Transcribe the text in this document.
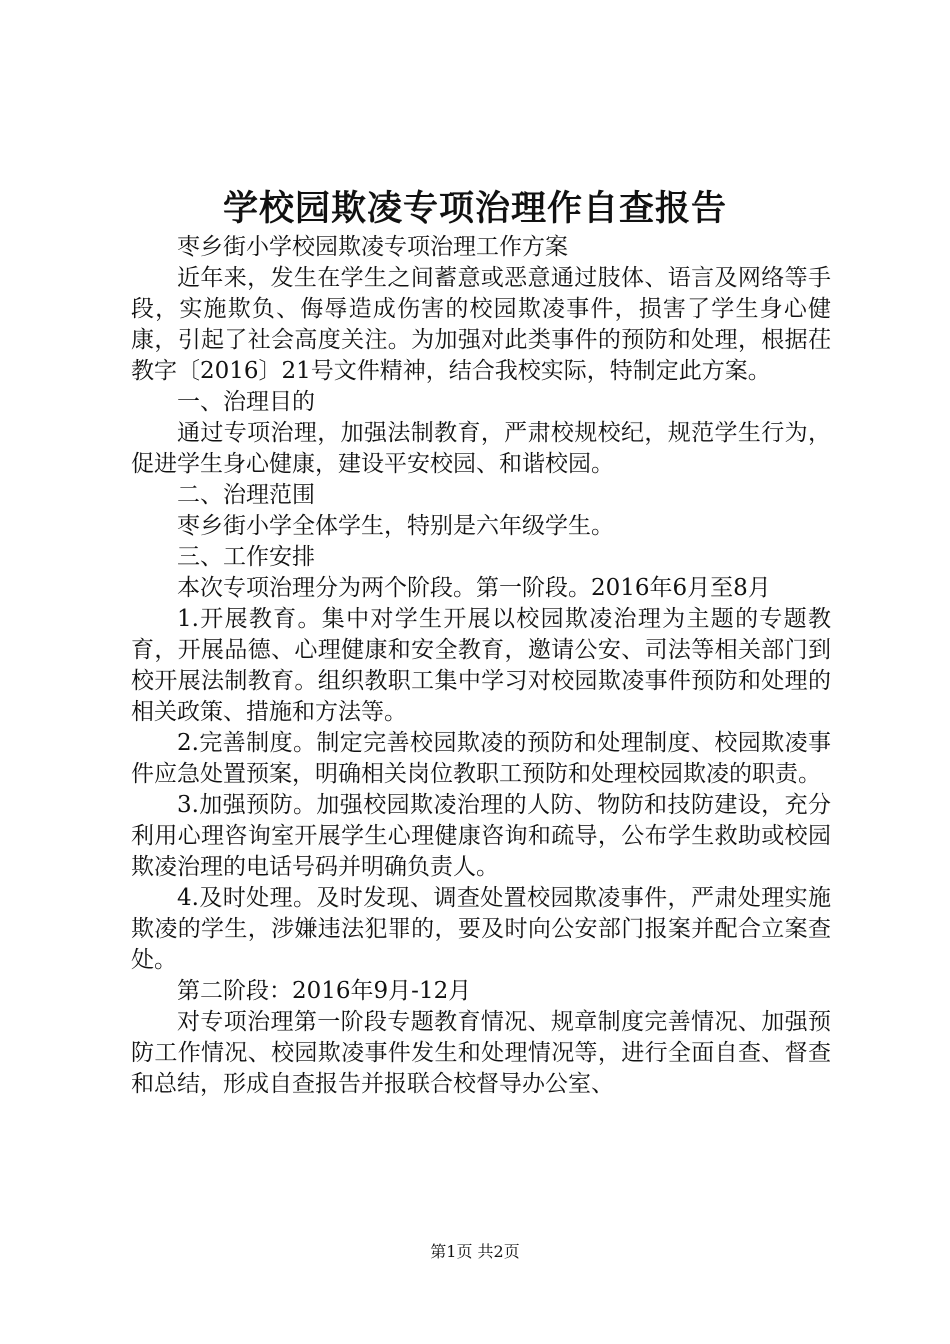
学校园欺凌专项治理作自查报告

枣乡街小学校园欺凌专项治理工作方案

近年来，发生在学生之间蓄意或恶意通过肢体、语言及网络等手段，实施欺负、侮辱造成伤害的校园欺凌事件，损害了学生身心健康，引起了社会高度关注。为加强对此类事件的预防和处理，根据茌教字〔2016〕21号文件精神，结合我校实际，特制定此方案。

一、治理目的

通过专项治理，加强法制教育，严肃校规校纪，规范学生行为，促进学生身心健康，建设平安校园、和谐校园。

二、治理范围

枣乡街小学全体学生，特别是六年级学生。

三、工作安排

本次专项治理分为两个阶段。第一阶段。2016年6月至8月

1.开展教育。集中对学生开展以校园欺凌治理为主题的专题教育，开展品德、心理健康和安全教育，邀请公安、司法等相关部门到校开展法制教育。组织教职工集中学习对校园欺凌事件预防和处理的相关政策、措施和方法等。

2.完善制度。制定完善校园欺凌的预防和处理制度、校园欺凌事件应急处置预案，明确相关岗位教职工预防和处理校园欺凌的职责。

3.加强预防。加强校园欺凌治理的人防、物防和技防建设，充分利用心理咨询室开展学生心理健康咨询和疏导，公布学生救助或校园欺凌治理的电话号码并明确负责人。

4.及时处理。及时发现、调查处置校园欺凌事件，严肃处理实施欺凌的学生，涉嫌违法犯罪的，要及时向公安部门报案并配合立案查处。

第二阶段：2016年9月-12月

对专项治理第一阶段专题教育情况、规章制度完善情况、加强预防工作情况、校园欺凌事件发生和处理情况等，进行全面自查、督查和总结，形成自查报告并报联合校督导办公室、

第1页 共2页
